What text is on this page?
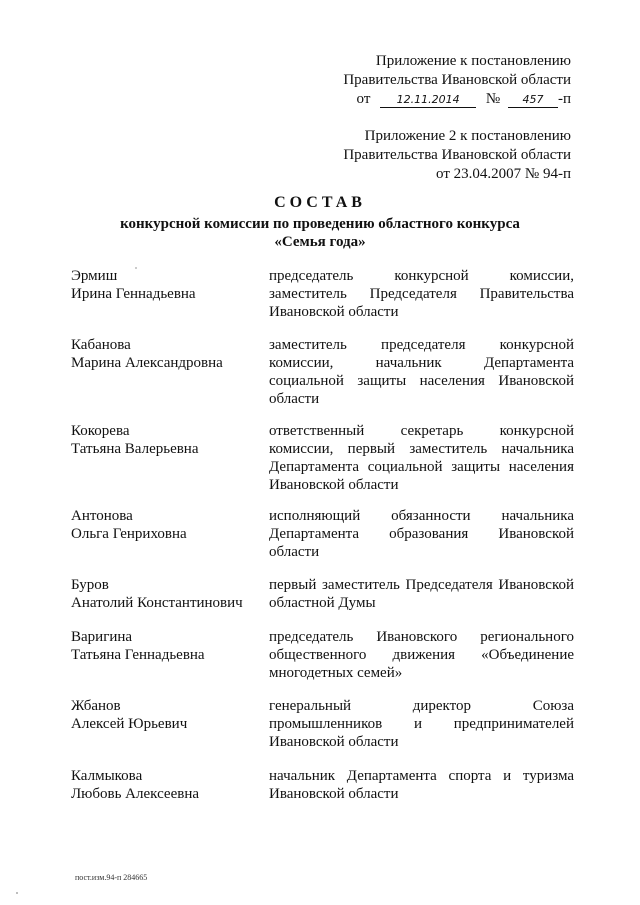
Приложение к постановлению
Правительства Ивановской области
от 12.11.2014 № 457 -п
Приложение 2 к постановлению
Правительства Ивановской области
от 23.04.2007 № 94-п
СОСТАВ
конкурсной комиссии по проведению областного конкурса
«Семья года»
Эрмиш
Ирина Геннадьевна
председатель конкурсной комиссии, заместитель Председателя Правительства Ивановской области
Кабанова
Марина Александровна
заместитель председателя конкурсной комиссии, начальник Департамента социальной защиты населения Ивановской области
Кокорева
Татьяна Валерьевна
ответственный секретарь конкурсной комиссии, первый заместитель начальника Департамента социальной защиты населения Ивановской области
Антонова
Ольга Генриховна
исполняющий обязанности начальника Департамента образования Ивановской области
Буров
Анатолий Константинович
первый заместитель Председателя Ивановской областной Думы
Варигина
Татьяна Геннадьевна
председатель Ивановского регионального общественного движения «Объединение многодетных семей»
Жбанов
Алексей Юрьевич
генеральный директор Союза промышленников и предпринимателей Ивановской области
Калмыкова
Любовь Алексеевна
начальник Департамента спорта и туризма Ивановской области
пост.изм.94-п 284665
